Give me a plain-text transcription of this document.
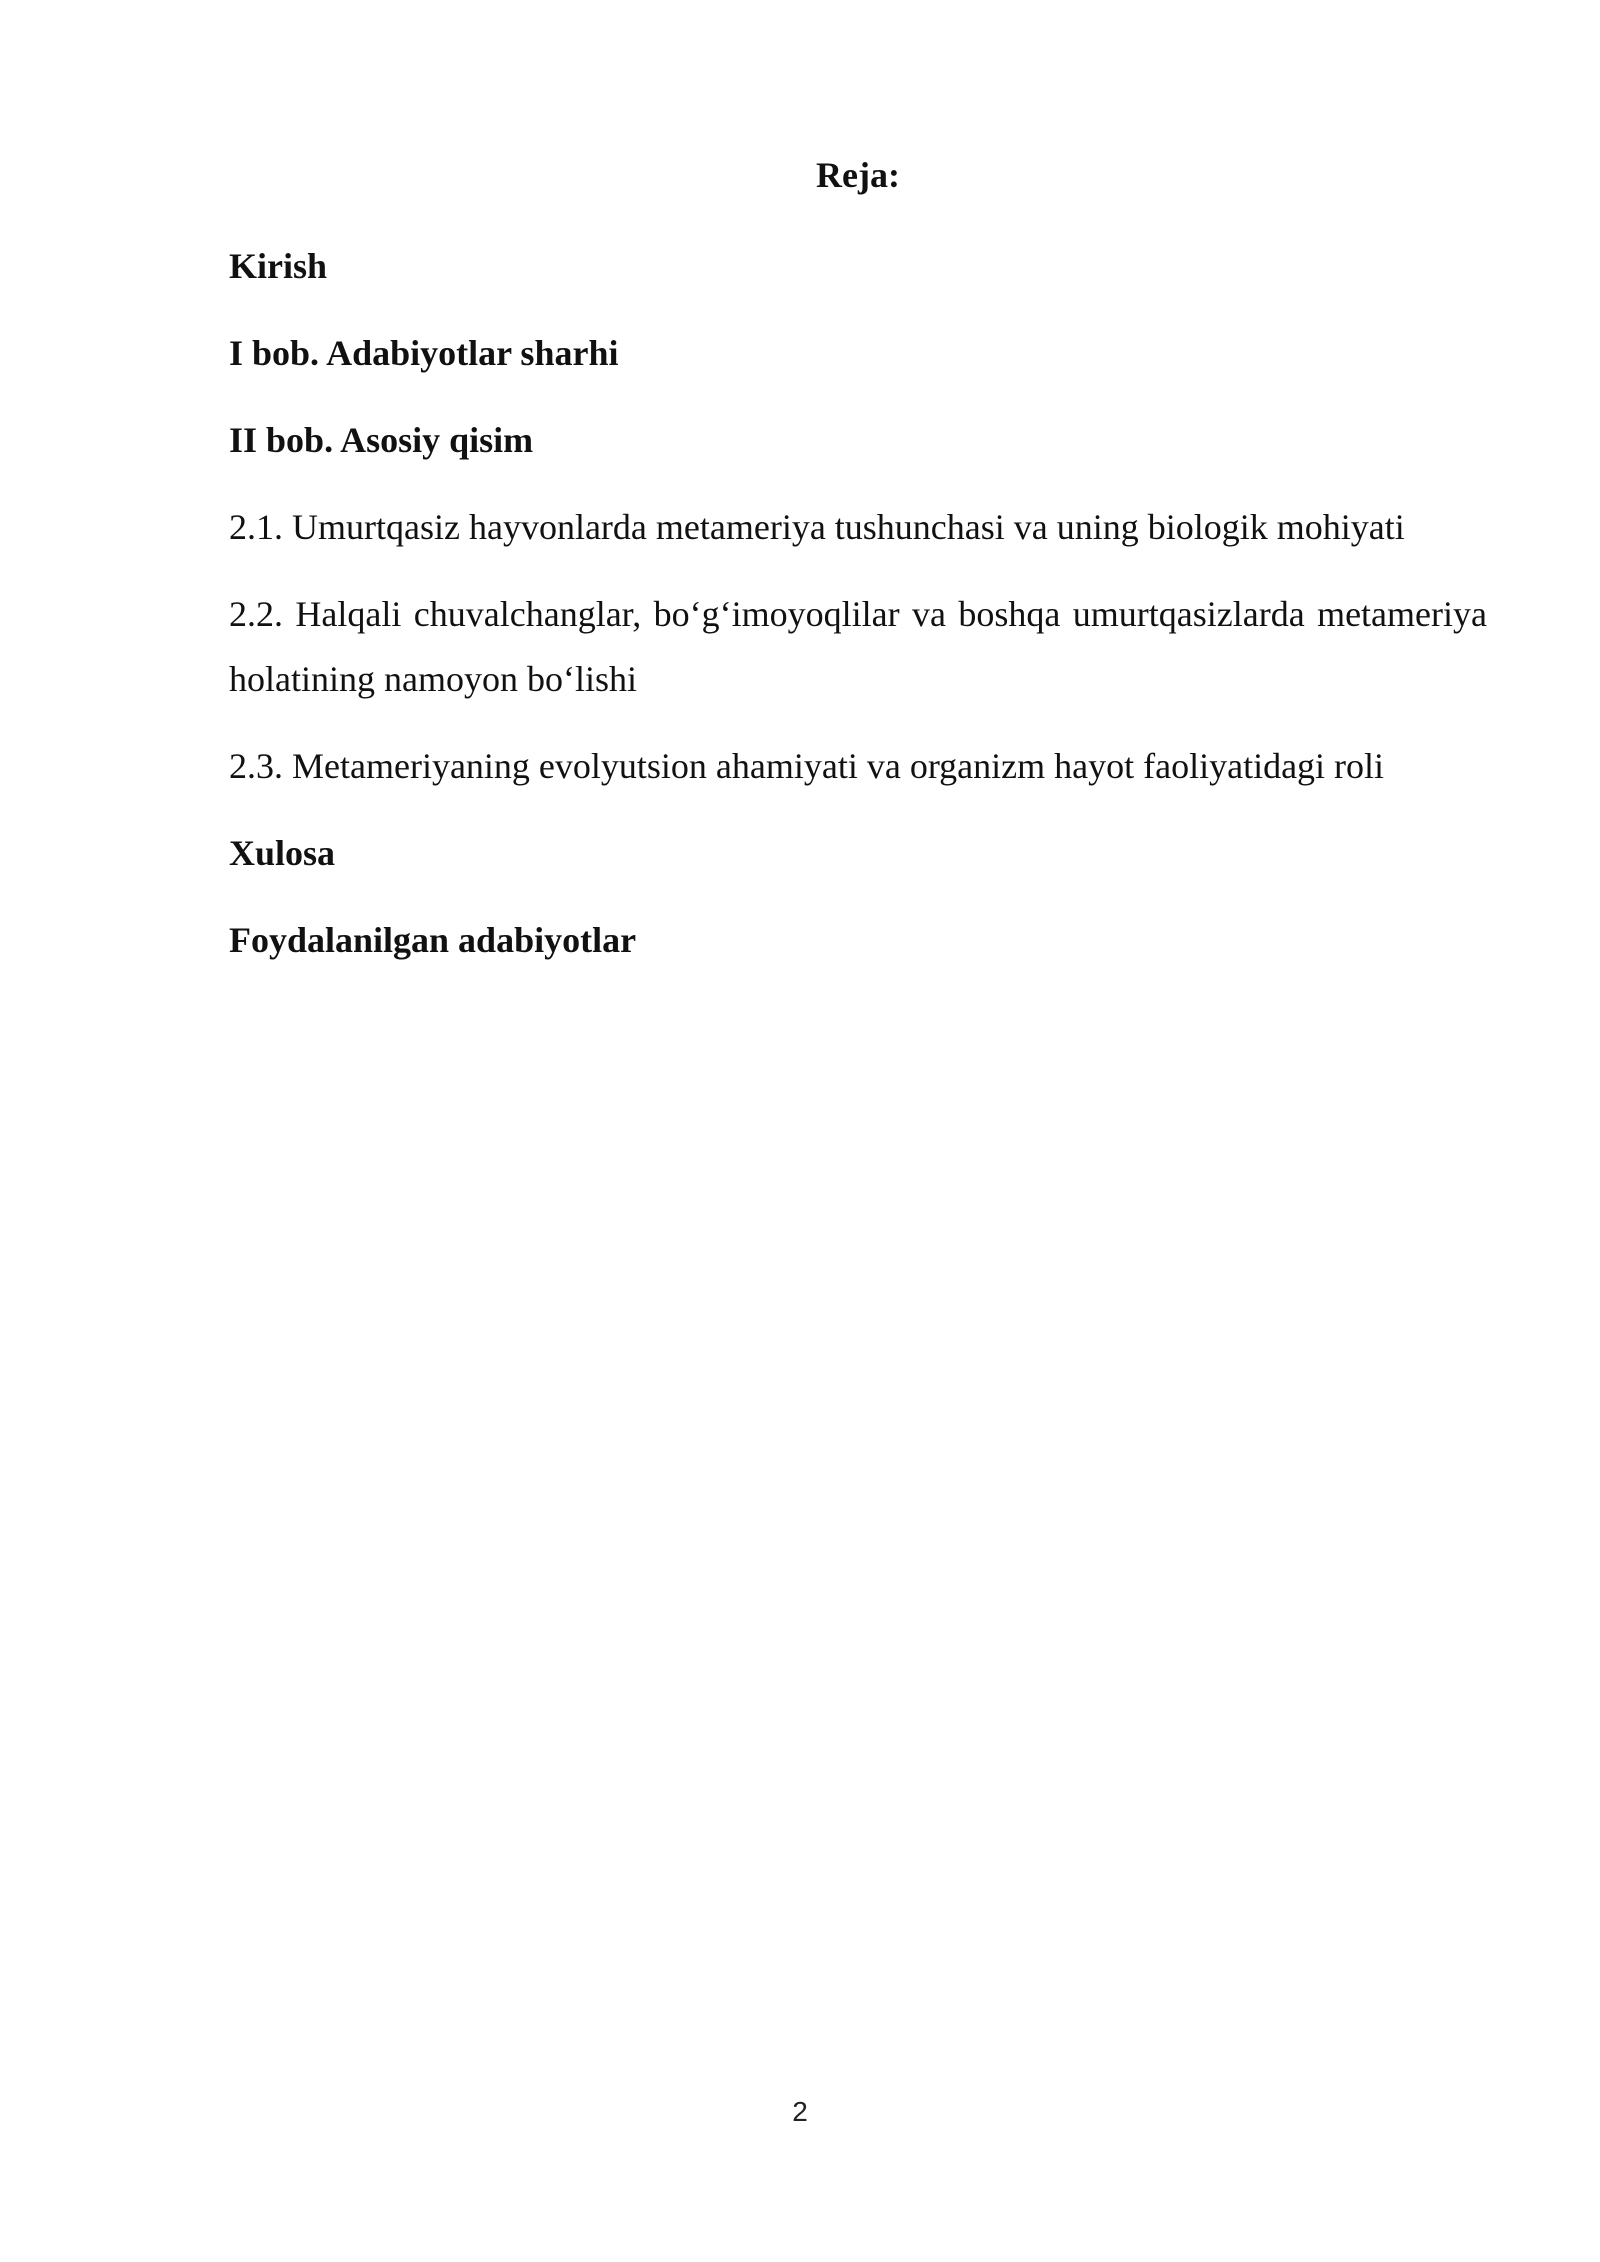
Reja:
Kirish
I bob. Adabiyotlar sharhi
II bob. Asosiy qisim
2.1. Umurtqasiz hayvonlarda metameriya tushunchasi va uning biologik mohiyati
2.2. Halqali chuvalchanglar, bo‘g‘imoyoqlilar va boshqa umurtqasizlarda metameriya holatining namoyon bo‘lishi
2.3. Metameriyaning evolyutsion ahamiyati va organizm hayot faoliyatidagi roli
Xulosa
Foydalanilgan adabiyotlar
2
